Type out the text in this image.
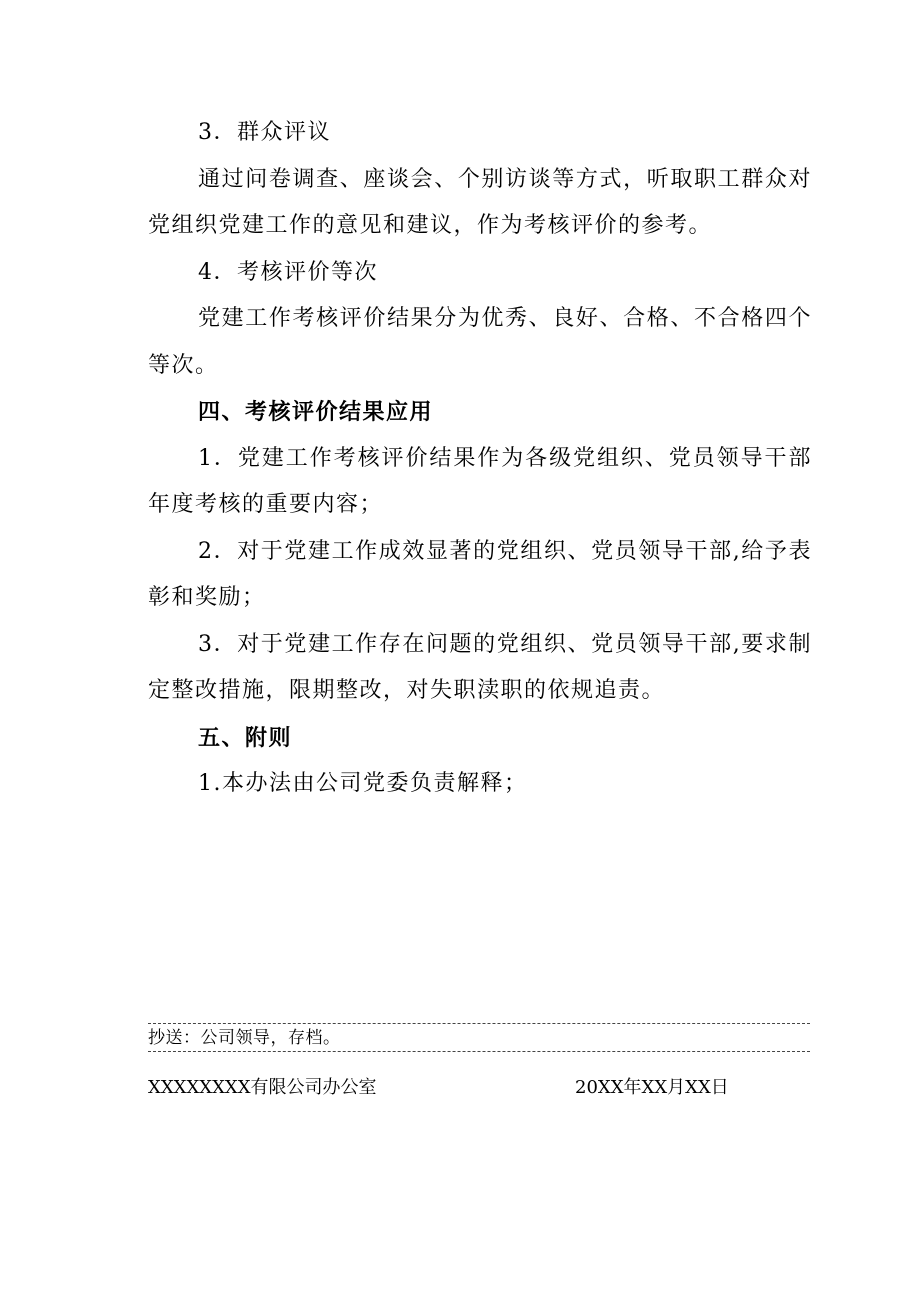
3．群众评议

通过问卷调查、座谈会、个别访谈等方式，听取职工群众对党组织党建工作的意见和建议，作为考核评价的参考。

4．考核评价等次

党建工作考核评价结果分为优秀、良好、合格、不合格四个等次。

四、考核评价结果应用

1．党建工作考核评价结果作为各级党组织、党员领导干部年度考核的重要内容；

2．对于党建工作成效显著的党组织、党员领导干部,给予表彰和奖励；

3．对于党建工作存在问题的党组织、党员领导干部,要求制定整改措施，限期整改，对失职渎职的依规追责。

五、附则

1.本办法由公司党委负责解释；

抄送：公司领导，存档。
XXXXXXXX有限公司办公室	20XX年XX月XX日
